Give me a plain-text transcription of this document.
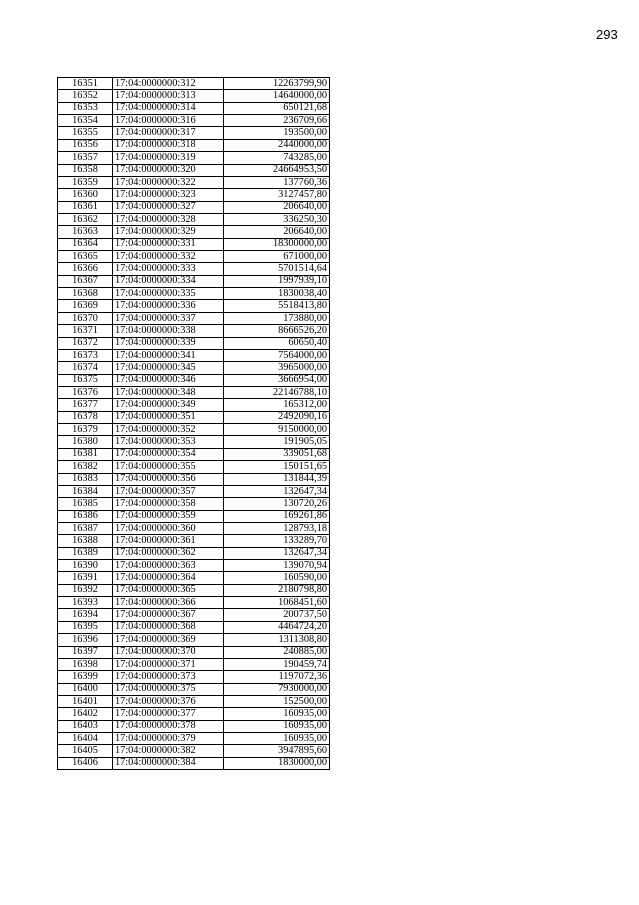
293
16351	17:04:0000000:312	12263799,90
16352	17:04:0000000:313	14640000,00
16353	17:04:0000000:314	650121,68
16354	17:04:0000000:316	236709,66
16355	17:04:0000000:317	193500,00
16356	17:04:0000000:318	2440000,00
16357	17:04:0000000:319	743285,00
16358	17:04:0000000:320	24664953,50
16359	17:04:0000000:322	137760,36
16360	17:04:0000000:323	3127457,80
16361	17:04:0000000:327	206640,00
16362	17:04:0000000:328	336250,30
16363	17:04:0000000:329	206640,00
16364	17:04:0000000:331	18300000,00
16365	17:04:0000000:332	671000,00
16366	17:04:0000000:333	5701514,64
16367	17:04:0000000:334	1997939,10
16368	17:04:0000000:335	1830038,40
16369	17:04:0000000:336	5518413,80
16370	17:04:0000000:337	173880,00
16371	17:04:0000000:338	8666526,20
16372	17:04:0000000:339	60650,40
16373	17:04:0000000:341	7564000,00
16374	17:04:0000000:345	3965000,00
16375	17:04:0000000:346	3666954,00
16376	17:04:0000000:348	22146788,10
16377	17:04:0000000:349	165312,00
16378	17:04:0000000:351	2492090,16
16379	17:04:0000000:352	9150000,00
16380	17:04:0000000:353	191905,05
16381	17:04:0000000:354	339051,68
16382	17:04:0000000:355	150151,65
16383	17:04:0000000:356	131844,39
16384	17:04:0000000:357	132647,34
16385	17:04:0000000:358	130720,26
16386	17:04:0000000:359	169261,86
16387	17:04:0000000:360	128793,18
16388	17:04:0000000:361	133289,70
16389	17:04:0000000:362	132647,34
16390	17:04:0000000:363	139070,94
16391	17:04:0000000:364	160590,00
16392	17:04:0000000:365	2180798,80
16393	17:04:0000000:366	1068451,60
16394	17:04:0000000:367	200737,50
16395	17:04:0000000:368	4464724,20
16396	17:04:0000000:369	1311308,80
16397	17:04:0000000:370	240885,00
16398	17:04:0000000:371	190459,74
16399	17:04:0000000:373	1197072,36
16400	17:04:0000000:375	7930000,00
16401	17:04:0000000:376	152500,00
16402	17:04:0000000:377	160935,00
16403	17:04:0000000:378	160935,00
16404	17:04:0000000:379	160935,00
16405	17:04:0000000:382	3947895,60
16406	17:04:0000000:384	1830000,00
